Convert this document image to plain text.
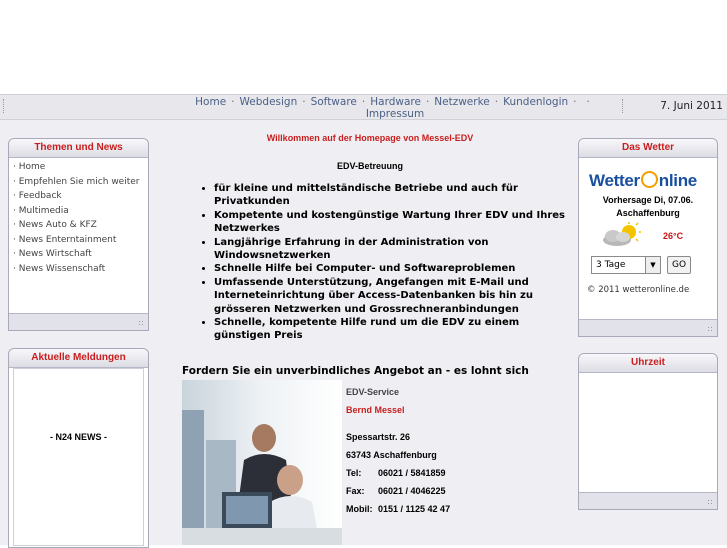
Home · Webdesign · Software · Hardware · Netzwerke · Kundenlogin · ·
Impressum
7. Juni 2011
Themen und News
· Home
· Empfehlen Sie mich weiter
· Feedback
· Multimedia
· News Auto & KFZ
· News Enterntainment
· News Wirtschaft
· News Wissenschaft
Aktuelle Meldungen
- N24 NEWS -
Willkommen auf der Homepage von Messel-EDV
EDV-Betreuung
• für kleine und mittelständische Betriebe und auch für Privatkunden
• Kompetente und kostengünstige Wartung Ihrer EDV und Ihres Netzwerkes
• Langjährige Erfahrung in der Administration von Windowsnetzwerken
• Schnelle Hilfe bei Computer- und Softwareproblemen
• Umfassende Unterstützung, Angefangen mit E-Mail und Interneteinrichtung über Access-Datenbanken bis hin zu grösseren Netzwerken und Grossrechneranbindungen
• Schnelle, kompetente Hilfe rund um die EDV zu einem günstigen Preis
Fordern Sie ein unverbindliches Angebot an - es lohnt sich
EDV-Service
Bernd Messel
Spessartstr. 26
63743 Aschaffenburg
Tel: 06021 / 5841859
Fax: 06021 / 4046225
Mobil: 0151 / 1125 42 47
Das Wetter
Wetter nline
Vorhersage Di, 07.06.
Aschaffenburg
26°C
3 Tage	▼	GO
© 2011 wetteronline.de
Uhrzeit
